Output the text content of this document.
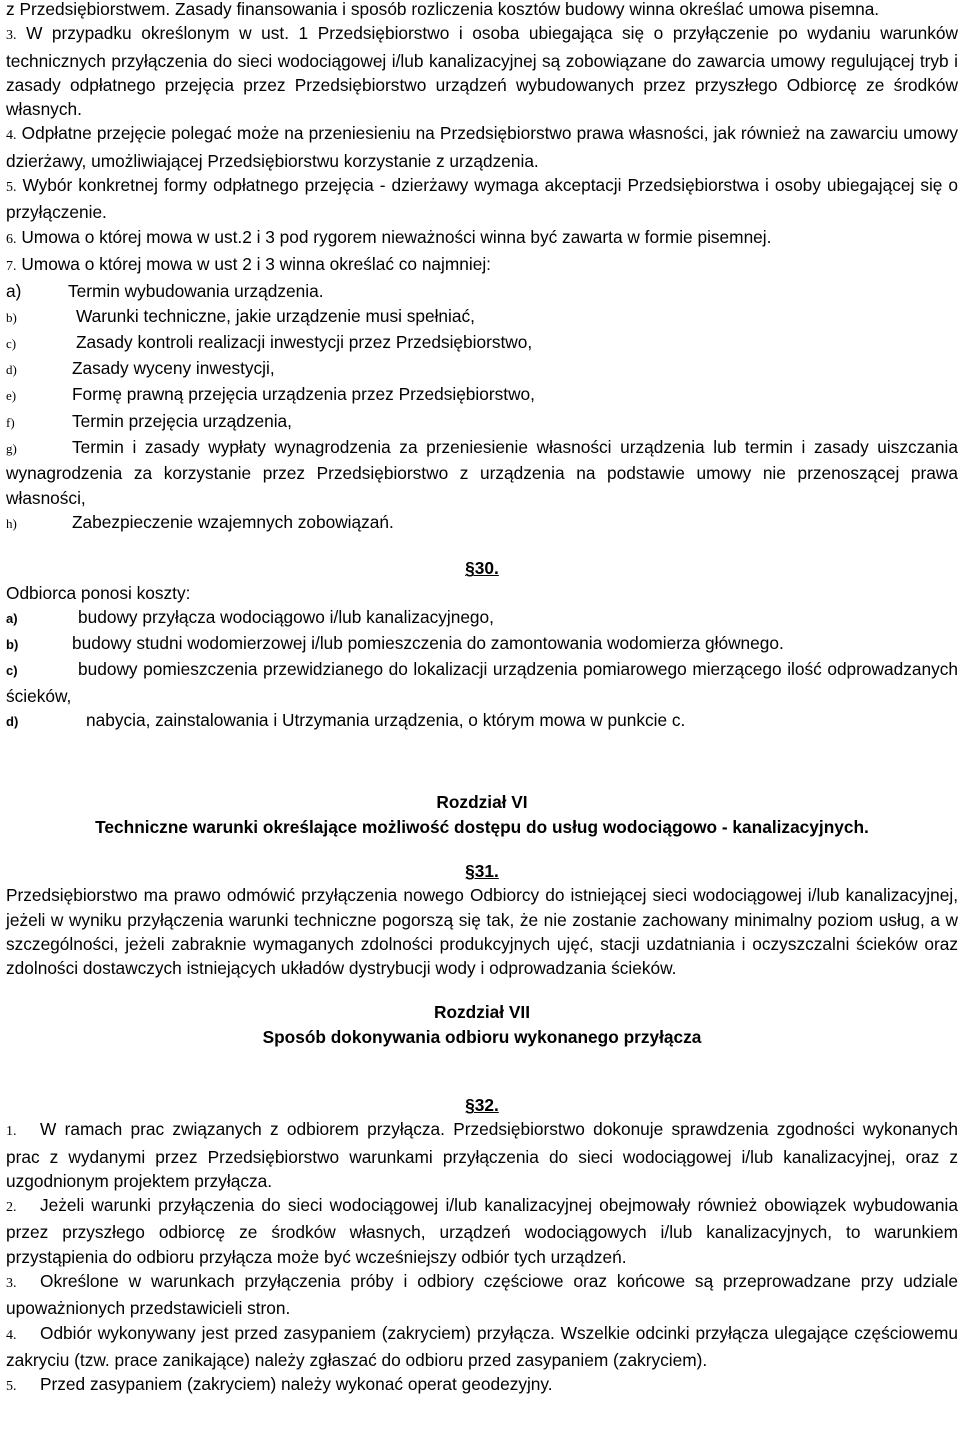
z Przedsiębiorstwem. Zasady finansowania i sposób rozliczenia kosztów budowy winna określać umowa pisemna.

3. W przypadku określonym w ust. 1 Przedsiębiorstwo i osoba ubiegająca się o przyłączenie po wydaniu warunków technicznych przyłączenia do sieci wodociągowej i/lub kanalizacyjnej są zobowiązane do zawarcia umowy regulującej tryb i zasady odpłatnego przejęcia przez Przedsiębiorstwo urządzeń wybudowanych przez przyszłego Odbiorcę ze środków własnych.

4. Odpłatne przejęcie polegać może na przeniesieniu na Przedsiębiorstwo prawa własności, jak również na zawarciu umowy dzierżawy, umożliwiającej Przedsiębiorstwu korzystanie z urządzenia.

5. Wybór konkretnej formy odpłatnego przejęcia - dzierżawy wymaga akceptacji Przedsiębiorstwa i osoby ubiegającej się o przyłączenie.

6. Umowa o której mowa w ust.2 i 3 pod rygorem nieważności winna być zawarta w formie pisemnej.

7. Umowa o której mowa w ust 2 i 3 winna określać co najmniej:

a)	Termin wybudowania urządzenia.

b)	Warunki techniczne, jakie urządzenie musi spełniać,

c)	Zasady kontroli realizacji inwestycji przez Przedsiębiorstwo,

d)	Zasady wyceny inwestycji,

e)	Formę prawną przejęcia urządzenia przez Przedsiębiorstwo,

f)	Termin przejęcia urządzenia,

g)	Termin i zasady wypłaty wynagrodzenia za przeniesienie własności urządzenia lub termin i zasady uiszczania wynagrodzenia za korzystanie przez Przedsiębiorstwo z urządzenia na podstawie umowy nie przenoszącej prawa własności,

h)	Zabezpieczenie wzajemnych zobowiązań.

§30.

Odbiorca ponosi koszty:

a)	budowy przyłącza wodociągowo i/lub kanalizacyjnego,

b)	budowy studni wodomierzowej i/lub pomieszczenia do zamontowania wodomierza głównego.

c)	budowy pomieszczenia przewidzianego do lokalizacji urządzenia pomiarowego mierzącego ilość odprowadzanych ścieków,

d)	nabycia, zainstalowania i Utrzymania urządzenia, o którym mowa w punkcie c.

Rozdział VI

Techniczne warunki określające możliwość dostępu do usług wodociągowo - kanalizacyjnych.

§31.

Przedsiębiorstwo ma prawo odmówić przyłączenia nowego Odbiorcy do istniejącej sieci wodociągowej i/lub kanalizacyjnej, jeżeli w wyniku przyłączenia warunki techniczne pogorszą się tak, że nie zostanie zachowany minimalny poziom usług, a w szczególności, jeżeli zabraknie wymaganych zdolności produkcyjnych ujęć, stacji uzdatniania i oczyszczalni ścieków oraz zdolności dostawczych istniejących układów dystrybucji wody i odprowadzania ścieków.

Rozdział VII

Sposób dokonywania odbioru wykonanego przyłącza

§32.

1. W ramach prac związanych z odbiorem przyłącza. Przedsiębiorstwo dokonuje sprawdzenia zgodności wykonanych prac z wydanymi przez Przedsiębiorstwo warunkami przyłączenia do sieci wodociągowej i/lub kanalizacyjnej, oraz z uzgodnionym projektem przyłącza.

2. Jeżeli warunki przyłączenia do sieci wodociągowej i/lub kanalizacyjnej obejmowały również obowiązek wybudowania przez przyszłego odbiorcę ze środków własnych, urządzeń wodociągowych i/lub kanalizacyjnych, to warunkiem przystąpienia do odbioru przyłącza może być wcześniejszy odbiór tych urządzeń.

3. Określone w warunkach przyłączenia próby i odbiory częściowe oraz końcowe są przeprowadzane przy udziale upoważnionych przedstawicieli stron.

4. Odbiór wykonywany jest przed zasypaniem (zakryciem) przyłącza. Wszelkie odcinki przyłącza ulegające częściowemu zakryciu (tzw. prace zanikające) należy zgłaszać do odbioru przed zasypaniem (zakryciem).

5. Przed zasypaniem (zakryciem) należy wykonać operat geodezyjny.
